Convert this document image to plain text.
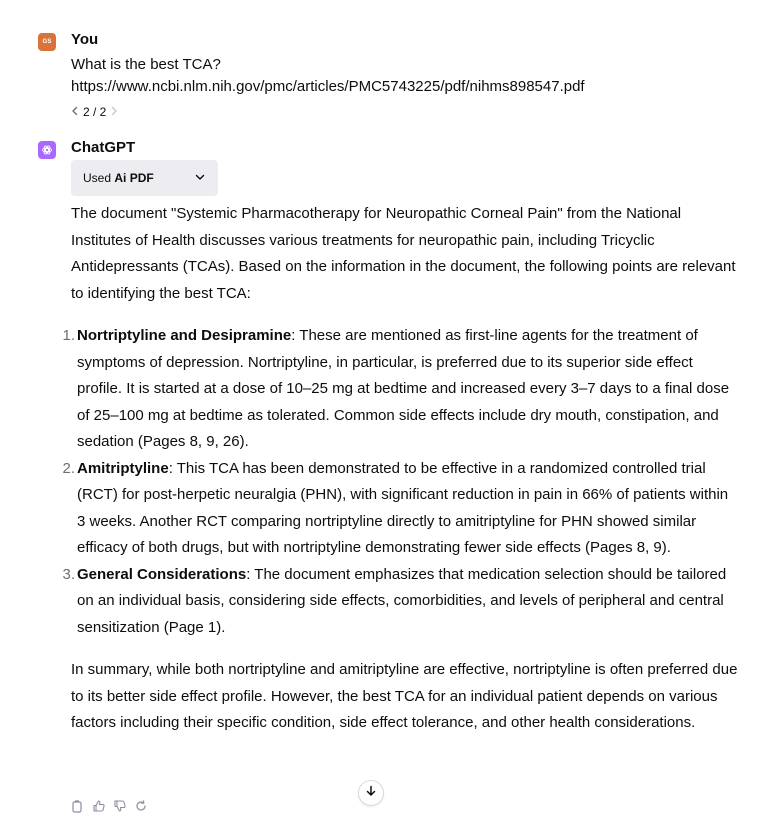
GS You
What is the best TCA?
https://www.ncbi.nlm.nih.gov/pmc/articles/PMC5743225/pdf/nihms898547.pdf
2 / 2
ChatGPT
Used Ai PDF

The document "Systemic Pharmacotherapy for Neuropathic Corneal Pain" from the National Institutes of Health discusses various treatments for neuropathic pain, including Tricyclic Antidepressants (TCAs). Based on the information in the document, the following points are relevant to identifying the best TCA:

1. Nortriptyline and Desipramine: These are mentioned as first-line agents for the treatment of symptoms of depression. Nortriptyline, in particular, is preferred due to its superior side effect profile. It is started at a dose of 10–25 mg at bedtime and increased every 3–7 days to a final dose of 25–100 mg at bedtime as tolerated. Common side effects include dry mouth, constipation, and sedation (Pages 8, 9, 26).
2. Amitriptyline: This TCA has been demonstrated to be effective in a randomized controlled trial (RCT) for post-herpetic neuralgia (PHN), with significant reduction in pain in 66% of patients within 3 weeks. Another RCT comparing nortriptyline directly to amitriptyline for PHN showed similar efficacy of both drugs, but with nortriptyline demonstrating fewer side effects (Pages 8, 9).
3. General Considerations: The document emphasizes that medication selection should be tailored on an individual basis, considering side effects, comorbidities, and levels of peripheral and central sensitization (Page 1).

In summary, while both nortriptyline and amitriptyline are effective, nortriptyline is often preferred due to its better side effect profile. However, the best TCA for an individual patient depends on various factors including their specific condition, side effect tolerance, and other health considerations.
